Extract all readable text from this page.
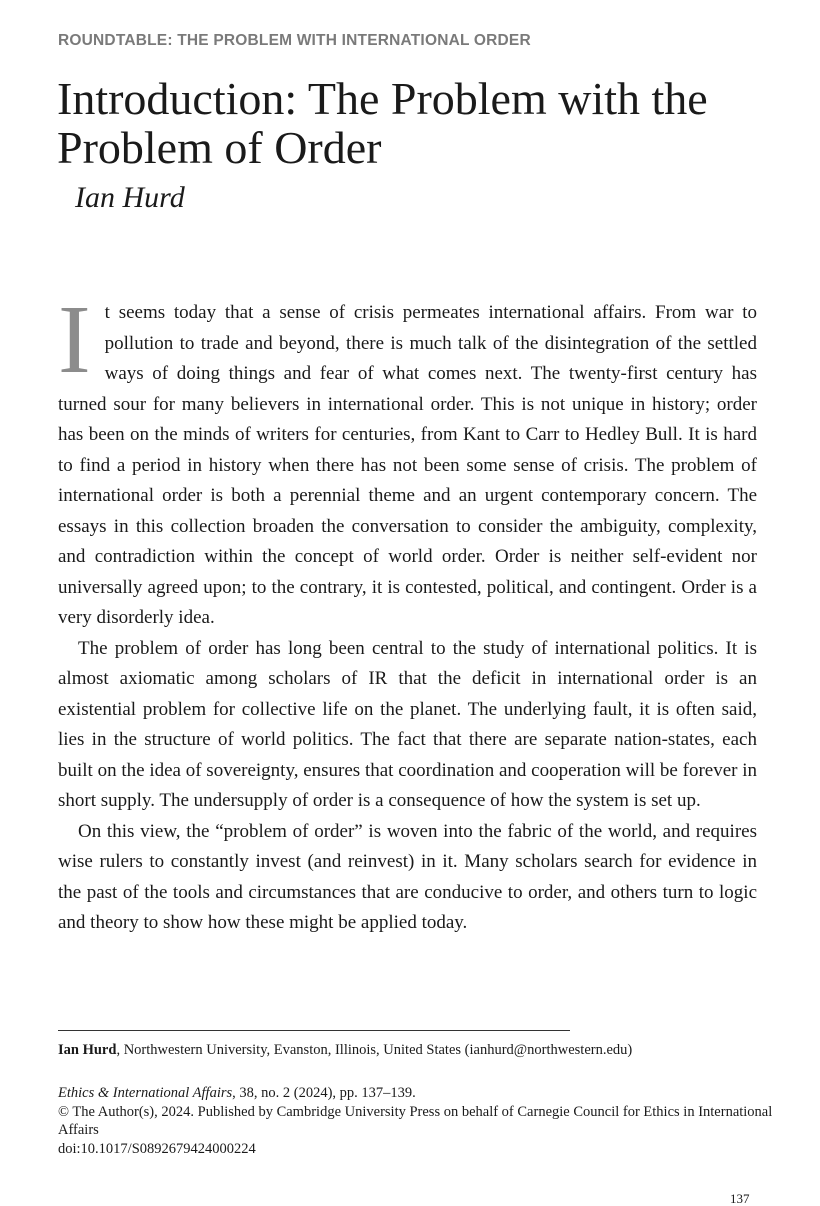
ROUNDTABLE: THE PROBLEM WITH INTERNATIONAL ORDER
Introduction: The Problem with the Problem of Order
Ian Hurd

It seems today that a sense of crisis permeates international affairs. From war to pollution to trade and beyond, there is much talk of the disintegration of the settled ways of doing things and fear of what comes next. The twenty-first century has turned sour for many believers in international order. This is not unique in history; order has been on the minds of writers for centuries, from Kant to Carr to Hedley Bull. It is hard to find a period in history when there has not been some sense of crisis. The problem of international order is both a perennial theme and an urgent contemporary concern. The essays in this collection broaden the conversation to consider the ambiguity, complexity, and contradiction within the concept of world order. Order is neither self-evident nor universally agreed upon; to the contrary, it is contested, political, and contingent. Order is a very disorderly idea.

The problem of order has long been central to the study of international politics. It is almost axiomatic among scholars of IR that the deficit in international order is an existential problem for collective life on the planet. The underlying fault, it is often said, lies in the structure of world politics. The fact that there are separate nation-states, each built on the idea of sovereignty, ensures that coordination and cooperation will be forever in short supply. The undersupply of order is a consequence of how the system is set up.

On this view, the “problem of order” is woven into the fabric of the world, and requires wise rulers to constantly invest (and reinvest) in it. Many scholars search for evidence in the past of the tools and circumstances that are conducive to order, and others turn to logic and theory to show how these might be applied today.

Ian Hurd, Northwestern University, Evanston, Illinois, United States (ianhurd@northwestern.edu)
Ethics & International Affairs, 38, no. 2 (2024), pp. 137–139.
© The Author(s), 2024. Published by Cambridge University Press on behalf of Carnegie Council for Ethics in International Affairs
doi:10.1017/S0892679424000224
137
